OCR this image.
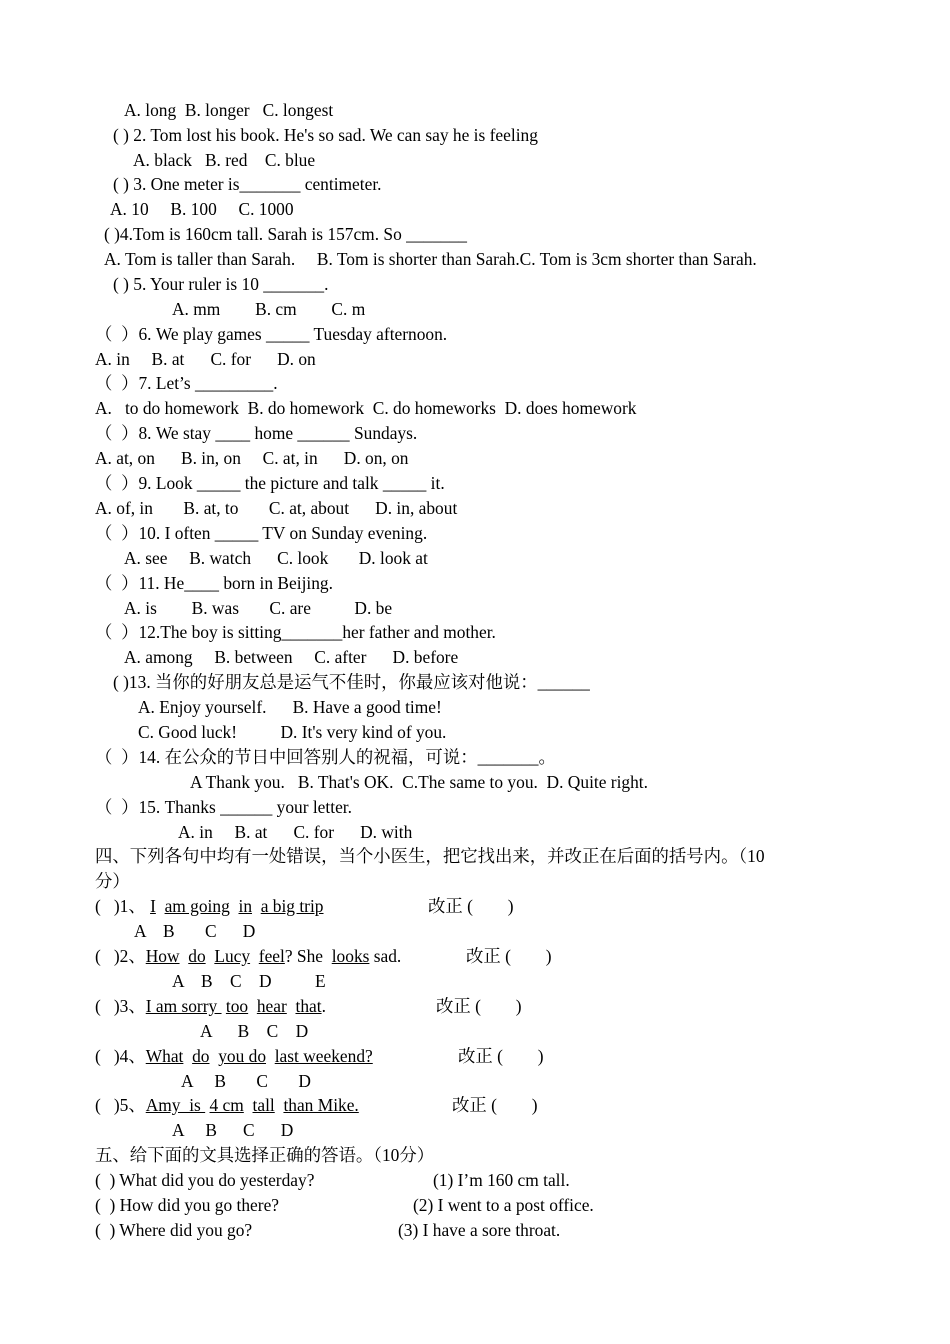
A. long  B. longer   C. longest
( ) 2. Tom lost his book. He's so sad. We can say he is feeling
A. black   B. red    C. blue
( ) 3. One meter is_______ centimeter.
A. 10     B. 100     C. 1000
( )4.Tom is 160cm tall. Sarah is 157cm. So _______
A. Tom is taller than Sarah.     B. Tom is shorter than Sarah.C. Tom is 3cm shorter than Sarah.
( ) 5. Your ruler is 10 _______.
A. mm        B. cm        C. m
（  ）6. We play games _____ Tuesday afternoon.
A. in     B. at      C. for      D. on
（  ）7. Let’s _________.
A.   to do homework  B. do homework  C. do homeworks  D. does homework
（  ）8. We stay ____ home ______ Sundays.
A. at, on      B. in, on     C. at, in      D. on, on
（  ）9. Look _____ the picture and talk _____ it.
A. of, in       B. at, to       C. at, about      D. in, about
（  ）10. I often _____ TV on Sunday evening.
A. see     B. watch      C. look       D. look at
（  ）11. He____ born in Beijing.
A. is        B. was       C. are          D. be
（  ）12.The boy is sitting_______her father and mother.
A. among     B. between     C. after      D. before
( )13. 当你的好朋友总是运气不佳时，你最应该对他说：______
A. Enjoy yourself.      B. Have a good time!
C. Good luck!          D. It's very kind of you.
（  ）14. 在公众的节日中回答别人的祝福，可说：_______。
A Thank you.   B. That's OK.  C.The same to you.  D. Quite right.
（  ）15. Thanks ______ your letter.
A. in     B. at      C. for      D. with
四、下列各句中均有一处错误，当个小医生，把它找出来，并改正在后面的括号内。（10
分）
(   )1、 I am going in a big trip	改正 (        )
A    B       C      D
(   )2、How do Lucy feel? She  looks sad.	改正 (        )
A    B    C    D          E
(   )3、I am sorry  too hear that.	改正 (        )
A      B    C    D
(   )4、What do you do last weekend?	改正 (        )
A     B       C       D
(   )5、Amy  is  4 cm tall than Mike.	改正 (        )
A     B      C      D
五、给下面的文具选择正确的答语。（10分）
(  ) What did you do yesterday?	(1) I’m 160 cm tall.
(  ) How did you go there?	(2) I went to a post office.
(  ) Where did you go?	(3) I have a sore throat.
